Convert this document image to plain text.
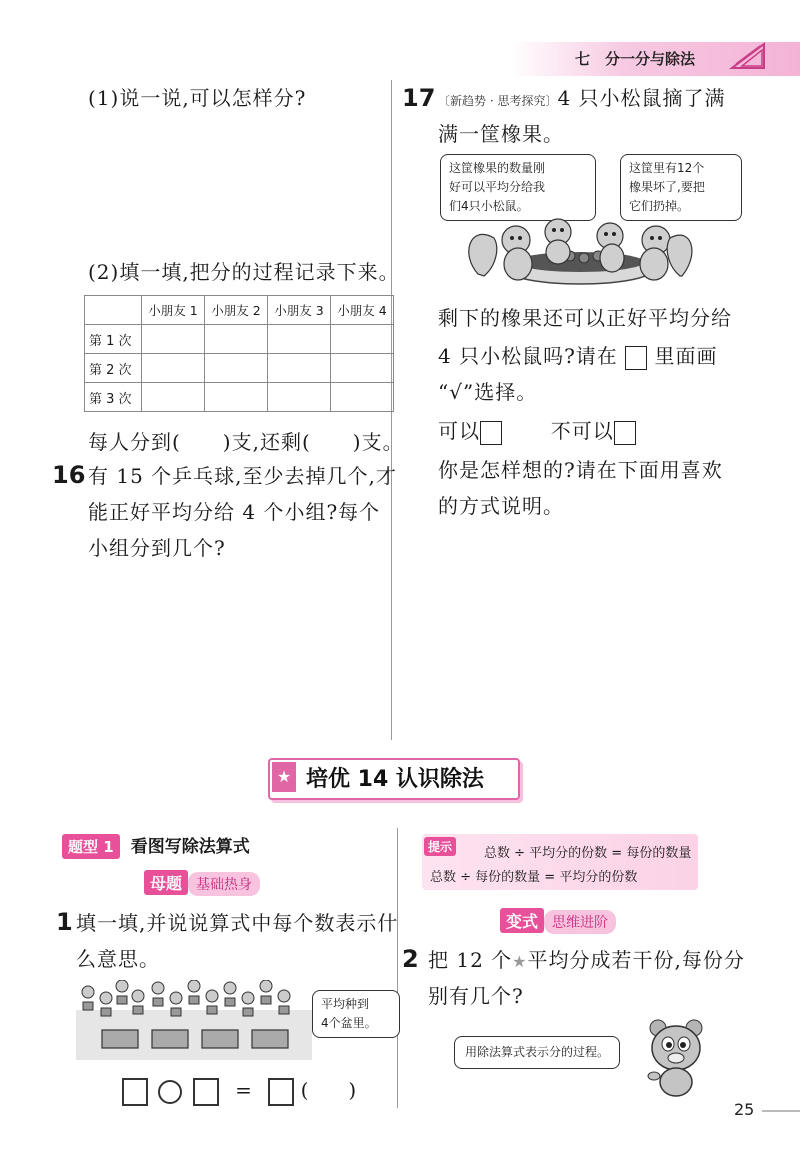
七　分一分与除法
(1)说一说,可以怎样分?
(2)填一填,把分的过程记录下来。
	小朋友 1	小朋友 2	小朋友 3	小朋友 4
第 1 次				
第 2 次				
第 3 次				
每人分到(　　)支,还剩(　　)支。
16 有 15 个乒乓球,至少去掉几个,才
能正好平均分给 4 个小组?每个
小组分到几个?
17 〔新趋势 · 思考探究〕4 只小松鼠摘了满
满一筐橡果。
这筐橡果的数量刚
好可以平均分给我
们4只小松鼠。
这筐里有12个
橡果坏了,要把
它们扔掉。
剩下的橡果还可以正好平均分给
4 只小松鼠吗?请在 里面画
“√”选择。
可以	不可以
你是怎样想的?请在下面用喜欢
的方式说明。
★ 培优 14 认识除法
题型 1 看图写除法算式
母题 基础热身
1 填一填,并说说算式中每个数表示什
么意思。
平均种到
4个盆里。
= (　　)
提示	总数 ÷ 平均分的份数 = 每份的数量
总数 ÷ 每份的数量 = 平均分的份数
变式 思维进阶
2 把 12 个★平均分成若干份,每份分
别有几个?
用除法算式表示分的过程。
25
